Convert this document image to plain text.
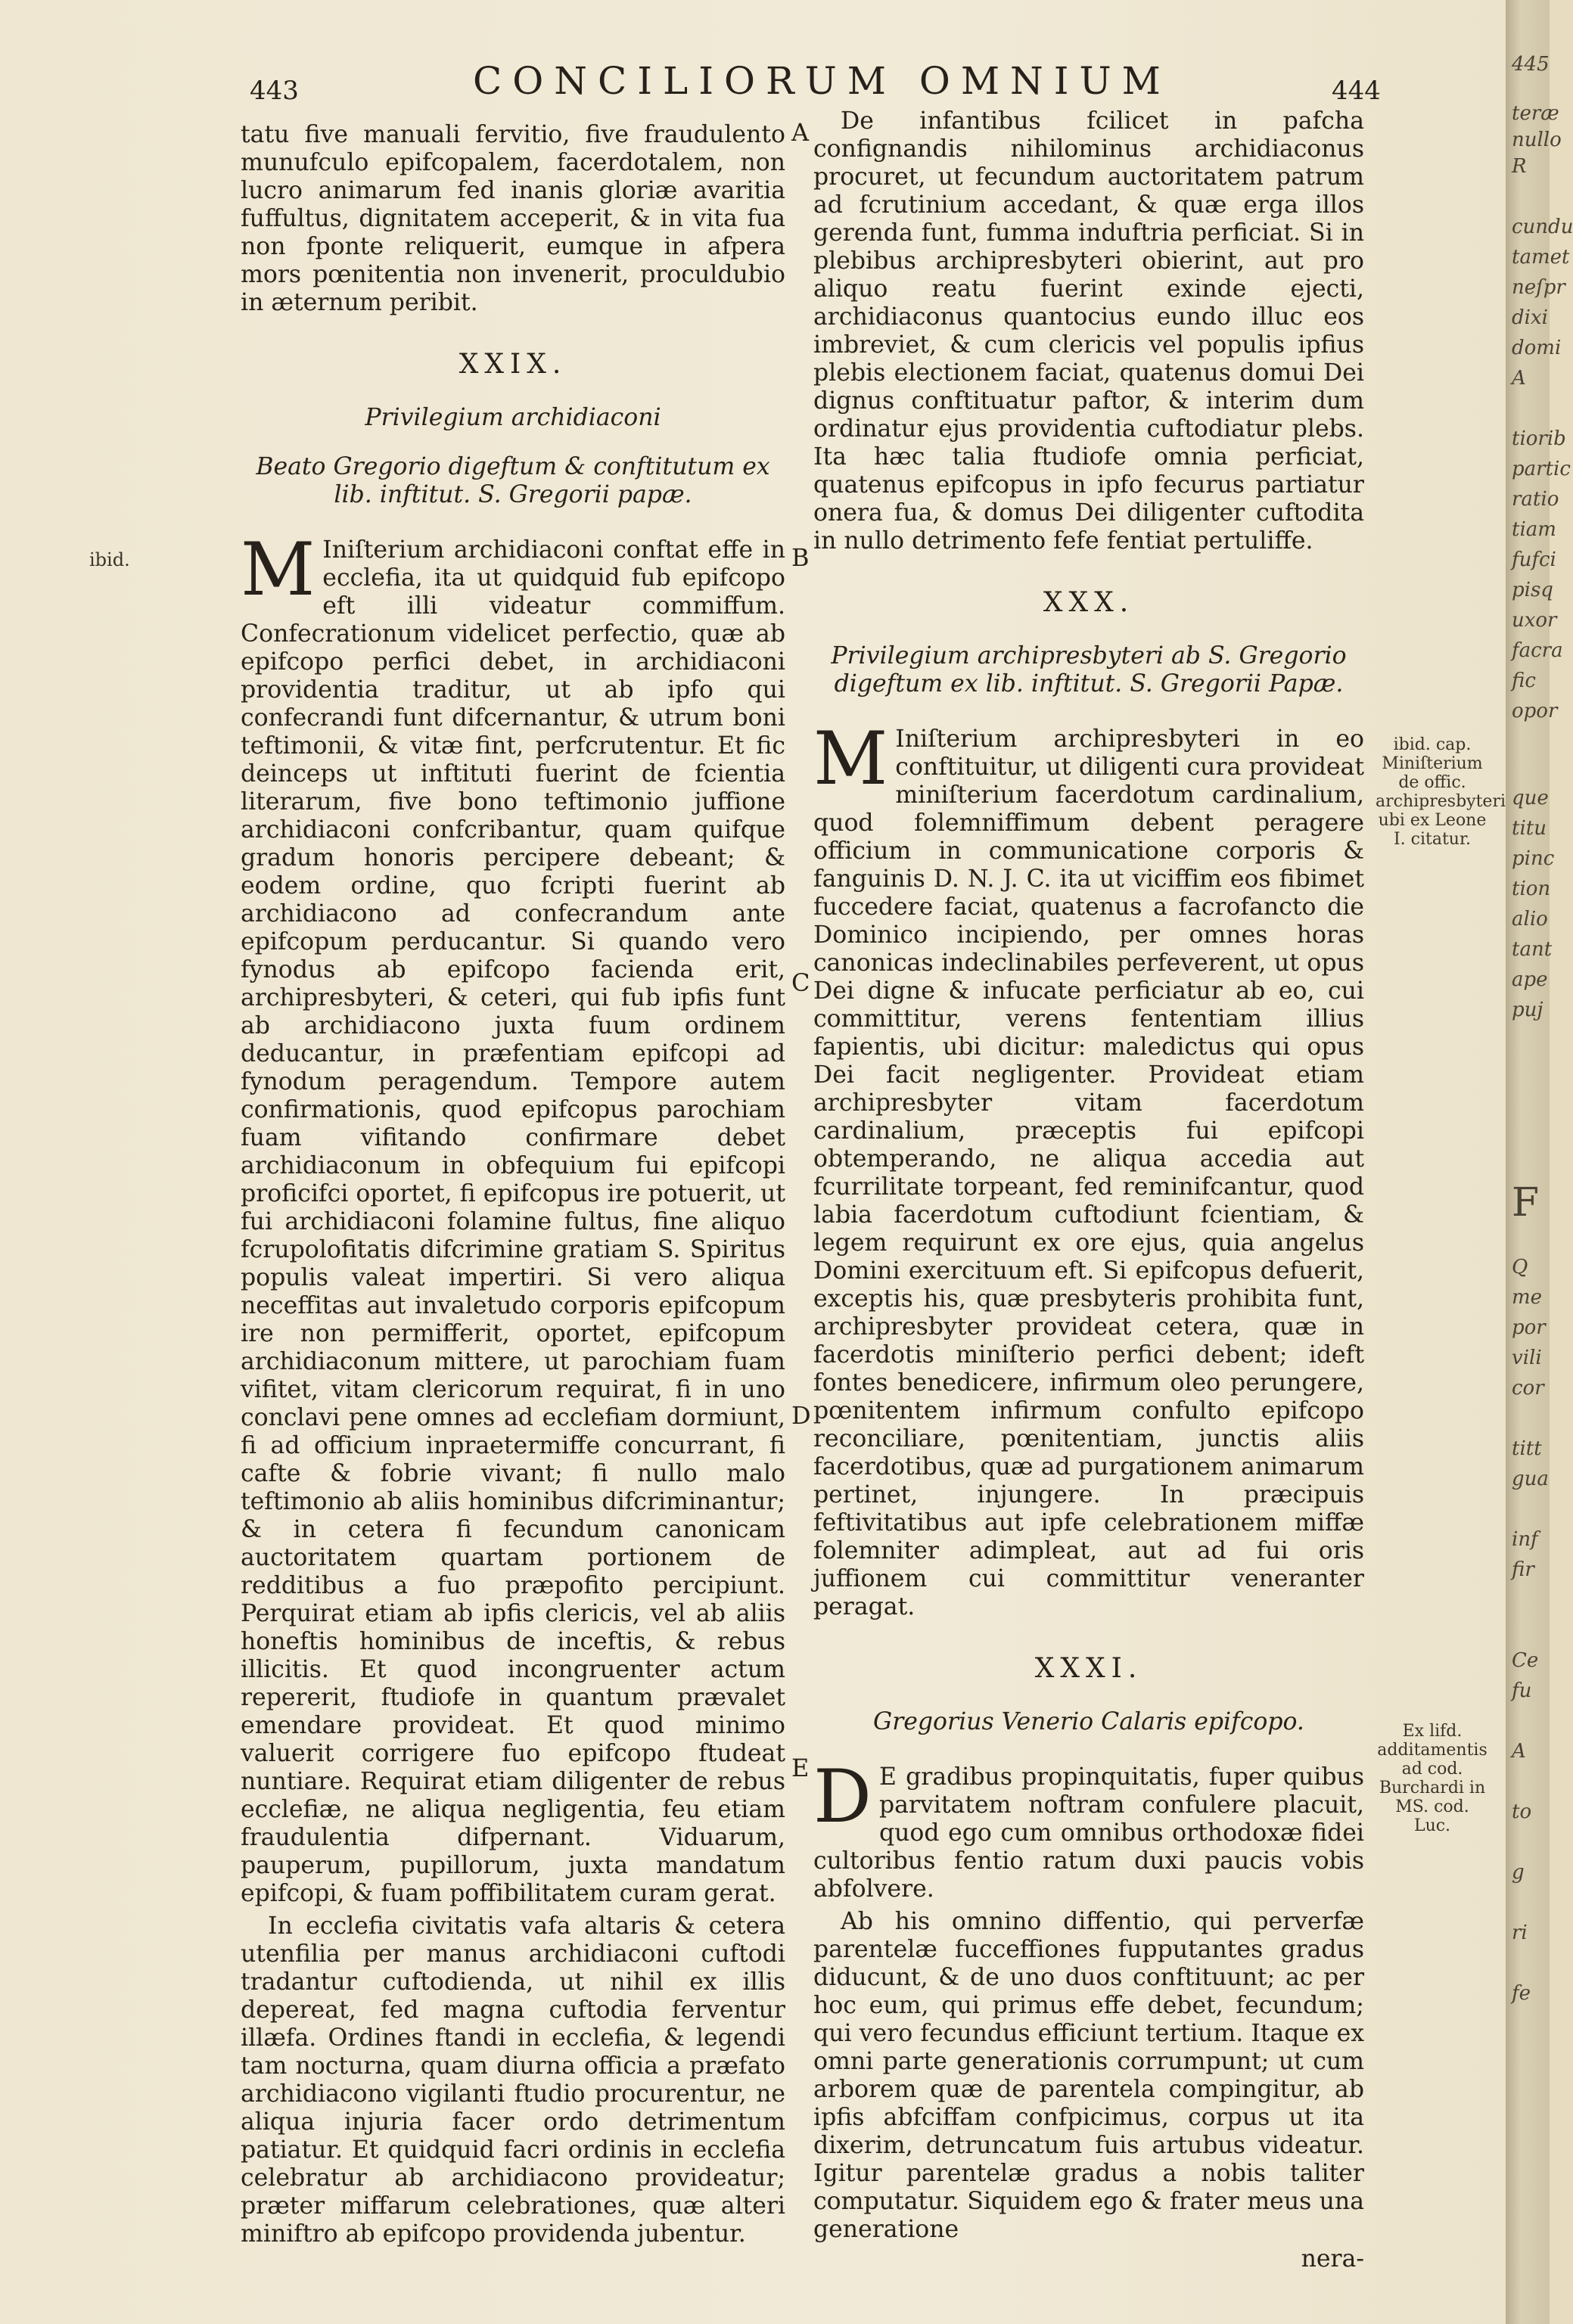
443	CONCILIORUM OMNIUM	444

tatu five manuali fervitio, five fraudulento munufculo epifcopalem, facerdotalem, non lucro animarum fed inanis gloriæ avaritia fuffultus, dignitatem acceperit, & in vita fua non fponte reliquerit, eumque in afpera mors pœnitentia non invenerit, proculdubio in æternum peribit.

XXIX.
Privilegium archidiaconi
Beato Gregorio digeftum & conftitutum ex lib. inftitut. S. Gregorii papæ.

M Iniſterium archidiaconi conftat effe in ecclefia, ita ut quidquid fub epifcopo eft illi videatur commiffum. Confecrationum videlicet perfectio, quæ ab epifcopo perfici debet, in archidiaconi providentia traditur, ut ab ipfo qui confecrandi funt difcernantur, & utrum boni teftimonii, & vitæ fint, perfcrutentur. Et fic deinceps ut inftituti fuerint de fcientia literarum, five bono teftimonio juffione archidiaconi confcribantur, quam quifque gradum honoris percipere debeant; & eodem ordine, quo fcripti fuerint ab archidiacono ad confecrandum ante epifcopum perducantur. Si quando vero fynodus ab epifcopo facienda erit, archipresbyteri, & ceteri, qui fub ipfis funt ab archidiacono juxta fuum ordinem deducantur, in præfentiam epifcopi ad fynodum peragendum. Tempore autem confirmationis, quod epifcopus parochiam fuam vifitando confirmare debet archidiaconum in obfequium fui epifcopi proficifci oportet, fi epifcopus ire potuerit, ut fui archidiaconi folamine fultus, fine aliquo fcrupolofitatis difcrimine gratiam S. Spiritus populis valeat impertiri. Si vero aliqua neceffitas aut invaletudo corporis epifcopum ire non permifferit, oportet, epifcopum archidiaconum mittere, ut parochiam fuam vifitet, vitam clericorum requirat, fi in uno conclavi pene omnes ad ecclefiam dormiunt, fi ad officium inpraetermiffe concurrant, fi cafte & fobrie vivant; fi nullo malo teftimonio ab aliis hominibus difcriminantur; & in cetera fi fecundum canonicam auctoritatem quartam portionem de redditibus a fuo præpofito percipiunt. Perquirat etiam ab ipfis clericis, vel ab aliis honeftis hominibus de inceftis, & rebus illicitis. Et quod incongruenter actum repererit, ftudiofe in quantum prævalet emendare provideat. Et quod minimo valuerit corrigere fuo epifcopo ftudeat nuntiare. Requirat etiam diligenter de rebus ecclefiæ, ne aliqua negligentia, feu etiam fraudulentia difpernant. Viduarum, pauperum, pupillorum, juxta mandatum epifcopi, & fuam poffibilitatem curam gerat.

In ecclefia civitatis vafa altaris & cetera utenfilia per manus archidiaconi cuftodi tradantur cuftodienda, ut nihil ex illis depereat, fed magna cuftodia ferventur illæfa. Ordines ftandi in ecclefia, & legendi tam nocturna, quam diurna officia a præfato archidiacono vigilanti ftudio procurentur, ne aliqua injuria facer ordo detrimentum patiatur. Et quidquid facri ordinis in ecclefia celebratur ab archidiacono provideatur; præter miffarum celebrationes, quæ alteri miniftro ab epifcopo providenda jubentur.

De infantibus fcilicet in pafcha confignandis nihilominus archidiaconus procuret, ut fecundum auctoritatem patrum ad fcrutinium accedant, & quæ erga illos gerenda funt, fumma induftria perficiat. Si in plebibus archipresbyteri obierint, aut pro aliquo reatu fuerint exinde ejecti, archidiaconus quantocius eundo illuc eos imbreviet, & cum clericis vel populis ipfius plebis electionem faciat, quatenus domui Dei dignus conftituatur paftor, & interim dum ordinatur ejus providentia cuftodiatur plebs. Ita hæc talia ftudiofe omnia perficiat, quatenus epifcopus in ipfo fecurus partiatur onera fua, & domus Dei diligenter cuftodita in nullo detrimento fefe fentiat pertuliffe.

XXX.
Privilegium archipresbyteri ab S. Gregorio digeftum ex lib. inftitut. S. Gregorii Papæ.

M Iniſterium archipresbyteri in eo conftituitur, ut diligenti cura provideat miniſterium facerdotum cardinalium, quod folemniffimum debent peragere officium in communicatione corporis & fanguinis D. N. J. C. ita ut viciffim eos fibimet fuccedere faciat, quatenus a facrofancto die Dominico incipiendo, per omnes horas canonicas indeclinabiles perfeverent, ut opus Dei digne & infucate perficiatur ab eo, cui committitur, verens fententiam illius fapientis, ubi dicitur: maledictus qui opus Dei facit negligenter. Provideat etiam archipresbyter vitam facerdotum cardinalium, præceptis fui epifcopi obtemperando, ne aliqua accedia aut fcurrilitate torpeant, fed reminifcantur, quod labia facerdotum cuftodiunt fcientiam, & legem requirunt ex ore ejus, quia angelus Domini exercituum eft. Si epifcopus defuerit, exceptis his, quæ presbyteris prohibita funt, archipresbyter provideat cetera, quæ in facerdotis miniſterio perfici debent; ideft fontes benedicere, infirmum oleo perungere, pœnitentem infirmum confulto epifcopo reconciliare, pœnitentiam, junctis aliis facerdotibus, quæ ad purgationem animarum pertinet, injungere. In præcipuis feftivitatibus aut ipfe celebrationem miffæ folemniter adimpleat, aut ad fui oris juffionem cui committitur veneranter peragat.

XXXI.
Gregorius Venerio Calaris epifcopo.

D E gradibus propinquitatis, fuper quibus parvitatem noftram confulere placuit, quod ego cum omnibus orthodoxæ fidei cultoribus fentio ratum duxi paucis vobis abfolvere.

Ab his omnino diffentio, qui perverfæ parentelæ fucceffiones fupputantes gradus diducunt, & de uno duos conftituunt; ac per hoc eum, qui primus effe debet, fecundum; qui vero fecundus efficiunt tertium. Itaque ex omni parte generationis corrumpunt; ut cum arborem quæ de parentela compingitur, ab ipfis abfciffam confpicimus, corpus ut ita dixerim, detruncatum fuis artubus videatur. Igitur parentelæ gradus a nobis taliter computatur. Siquidem ego & frater meus una generatione

nera-

ibid.
ibid. cap. Miniſterium de offic. archipresbyteri ubi ex Leone I. citatur.
Ex lifd. additamentis ad cod. Burchardi in MS. cod. Luc.
A
B
C
D
E
445
teræ
nullo
R
cundu
tamet
neſpr
dixi
domi
A
tiorib
partic
ratio
tiam
fufci
pisq
uxor
facra
fic
opor
que
titu
pinc
tion
alio
tant
ape
puj
F
Q
me
por
vili
cor
titt
gua
inf
fir
Ce
fu
A
to
g
ri
fe
